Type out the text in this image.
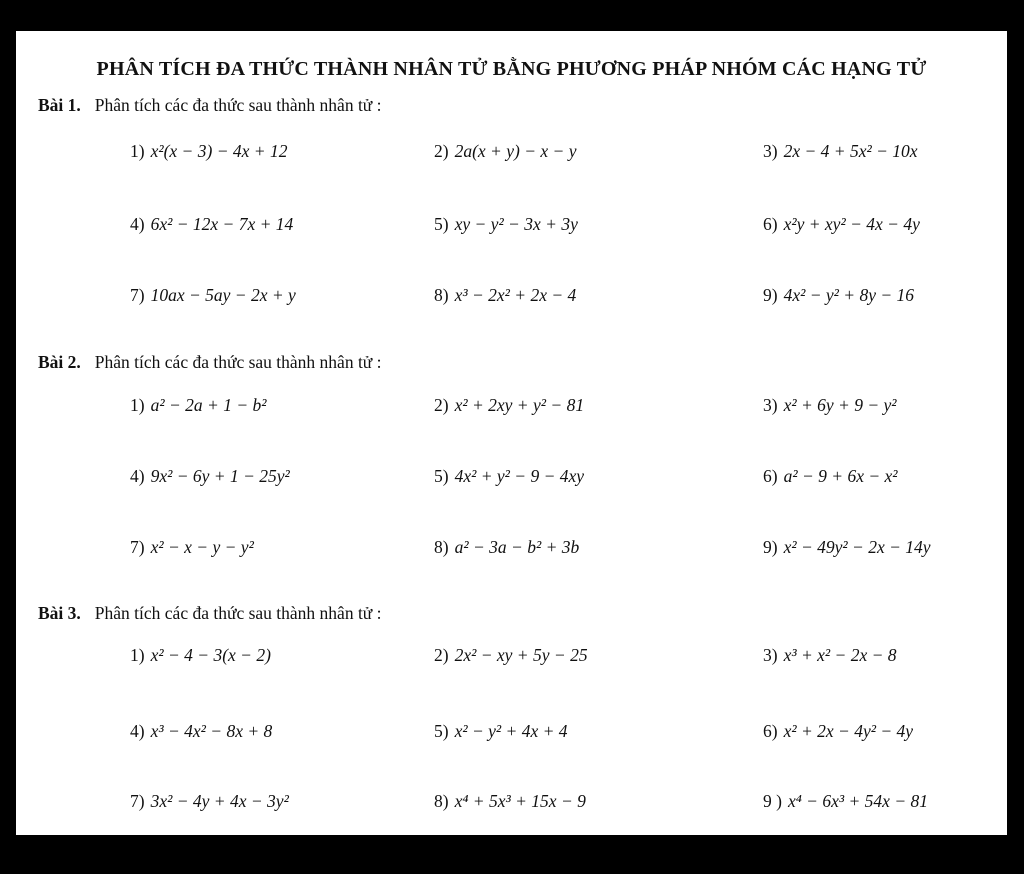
PHÂN TÍCH ĐA THỨC THÀNH NHÂN TỬ BẰNG PHƯƠNG PHÁP NHÓM CÁC HẠNG TỬ
Bài 1. Phân tích các đa thức sau thành nhân tử :
1) x²(x − 3) − 4x + 12	2) 2a(x + y) − x − y	3) 2x − 4 + 5x² − 10x
4) 6x² − 12x − 7x + 14	5) xy − y² − 3x + 3y	6) x²y + xy² − 4x − 4y
7) 10ax − 5ay − 2x + y	8) x³ − 2x² + 2x − 4	9) 4x² − y² + 8y − 16
Bài 2. Phân tích các đa thức sau thành nhân tử :
1) a² − 2a + 1 − b²	2) x² + 2xy + y² − 81	3) x² + 6y + 9 − y²
4) 9x² − 6y + 1 − 25y²	5) 4x² + y² − 9 − 4xy	6) a² − 9 + 6x − x²
7) x² − x − y − y²	8) a² − 3a − b² + 3b	9) x² − 49y² − 2x − 14y
Bài 3. Phân tích các đa thức sau thành nhân tử :
1) x² − 4 − 3(x − 2)	2) 2x² − xy + 5y − 25	3) x³ + x² − 2x − 8
4) x³ − 4x² − 8x + 8	5) x² − y² + 4x + 4	6) x² + 2x − 4y² − 4y
7) 3x² − 4y + 4x − 3y²	8) x⁴ + 5x³ + 15x − 9	9 ) x⁴ − 6x³ + 54x − 81
